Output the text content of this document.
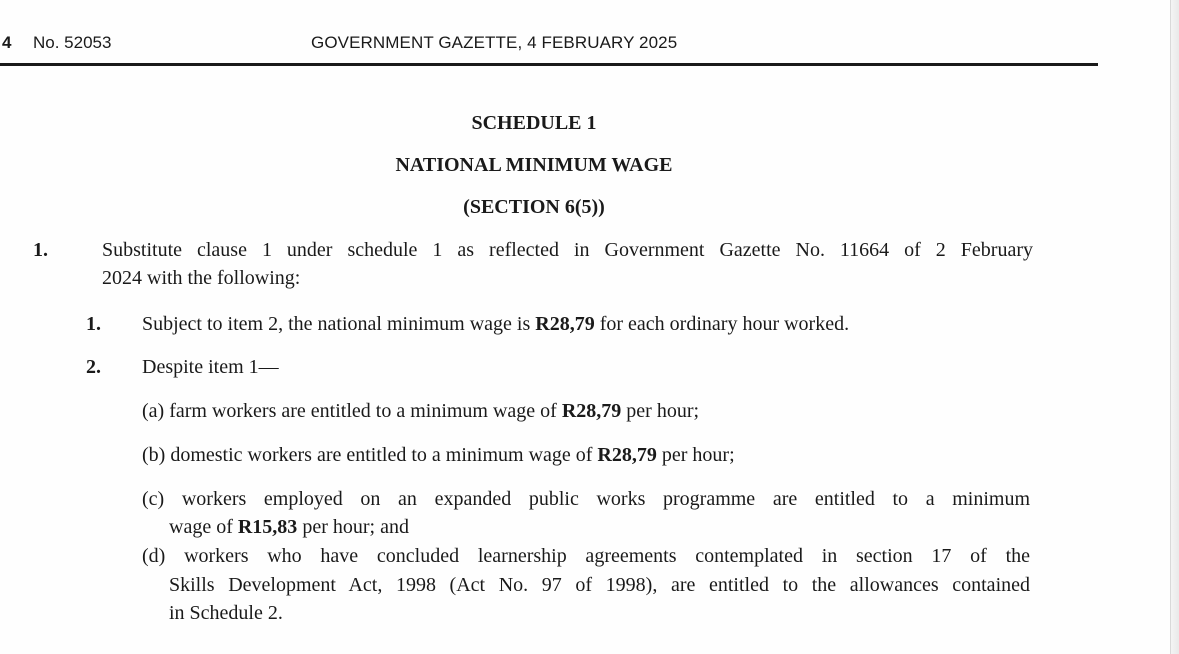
4 No. 52053	GOVERNMENT GAZETTE, 4 FEBRUARY 2025
SCHEDULE 1
NATIONAL MINIMUM WAGE
(SECTION 6(5))
1.	Substitute clause 1 under schedule 1 as reflected in Government Gazette No. 11664 of 2 February
2024 with the following:
1. Subject to item 2, the national minimum wage is R28,79 for each ordinary hour worked.
2. Despite item 1—
(a) farm workers are entitled to a minimum wage of R28,79 per hour;
(b) domestic workers are entitled to a minimum wage of R28,79 per hour;
(c) workers employed on an expanded public works programme are entitled to a minimum
wage of R15,83 per hour; and
(d) workers who have concluded learnership agreements contemplated in section 17 of the
Skills Development Act, 1998 (Act No. 97 of 1998), are entitled to the allowances contained
in Schedule 2.
